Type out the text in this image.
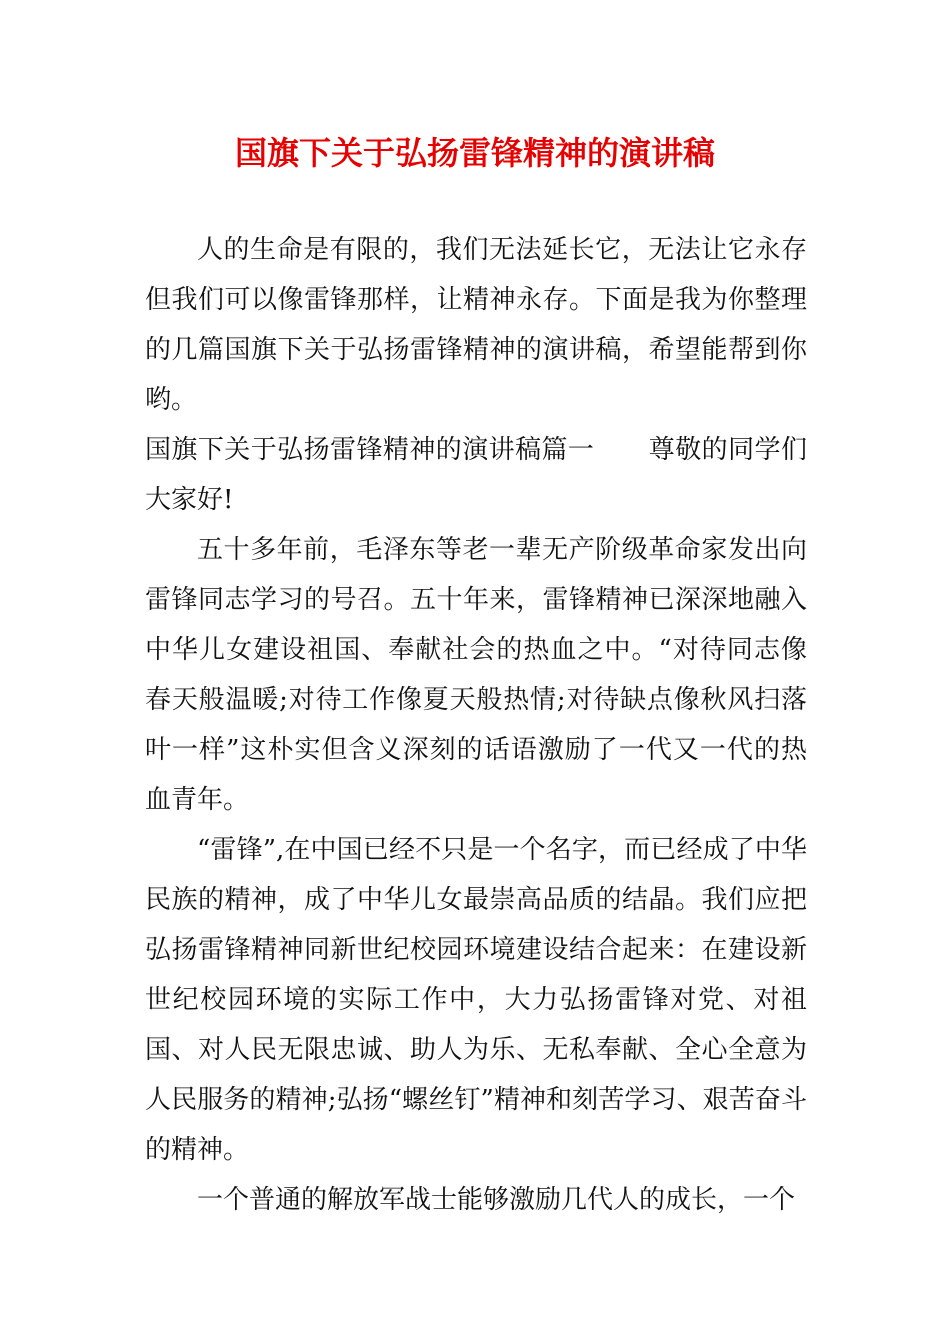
国旗下关于弘扬雷锋精神的演讲稿

人的生命是有限的，我们无法延长它，无法让它永存但我们可以像雷锋那样，让精神永存。下面是我为你整理的几篇国旗下关于弘扬雷锋精神的演讲稿，希望能帮到你哟。

国旗下关于弘扬雷锋精神的演讲稿篇一 尊敬的同学们大家好!

五十多年前，毛泽东等老一辈无产阶级革命家发出向雷锋同志学习的号召。五十年来，雷锋精神已深深地融入中华儿女建设祖国、奉献社会的热血之中。“对待同志像春天般温暖;对待工作像夏天般热情;对待缺点像秋风扫落叶一样”这朴实但含义深刻的话语激励了一代又一代的热血青年。

“雷锋”,在中国已经不只是一个名字，而已经成了中华民族的精神，成了中华儿女最崇高品质的结晶。我们应把弘扬雷锋精神同新世纪校园环境建设结合起来：在建设新世纪校园环境的实际工作中，大力弘扬雷锋对党、对祖国、对人民无限忠诚、助人为乐、无私奉献、全心全意为人民服务的精神;弘扬“螺丝钉”精神和刻苦学习、艰苦奋斗的精神。

一个普通的解放军战士能够激励几代人的成长，一个
